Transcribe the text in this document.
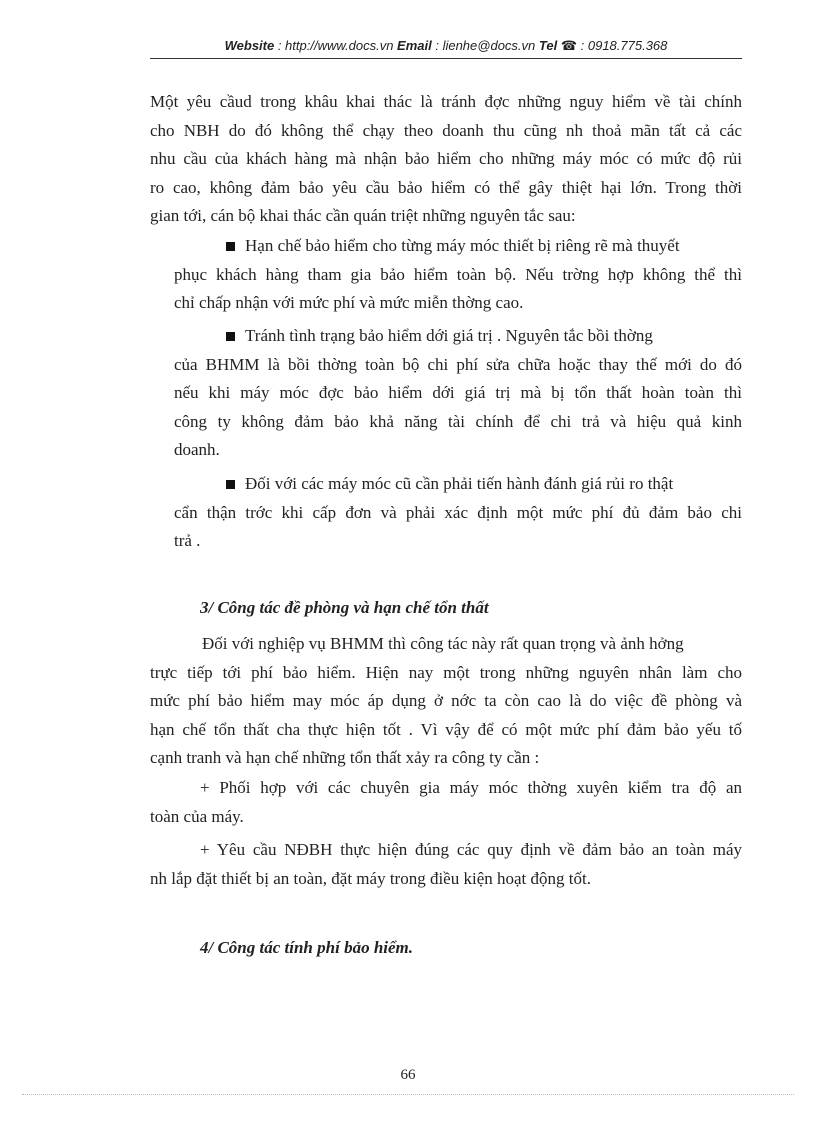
Website : http://www.docs.vn Email : lienhe@docs.vn Tel ☎ : 0918.775.368
Một yêu cầud trong khâu khai thác là tránh đợc những nguy hiểm về tài chính
cho NBH do đó không thể chạy theo doanh thu cũng nh thoả mãn tất cả các
nhu cầu của khách hàng mà nhận bảo hiểm cho những máy móc có mức độ rủi
ro cao, không đảm bảo yêu cầu bảo hiểm có thể gây thiệt hại lớn. Trong thời
gian tới, cán bộ khai thác cần quán triệt những nguyên tắc sau:
Hạn chế bảo hiểm cho từng máy móc thiết bị riêng rẽ mà thuyết
phục khách hàng tham gia bảo hiểm toàn bộ. Nếu trờng hợp không thể thì
chỉ chấp nhận với mức phí và mức miễn thờng cao.
Tránh tình trạng bảo hiểm dới giá trị . Nguyên tắc bồi thờng
của BHMM là bồi thờng toàn bộ chi phí sửa chữa hoặc thay thế mới do đó
nếu khi máy móc đợc bảo hiểm dới giá trị mà bị tổn thất hoàn toàn thì
công ty không đảm bảo khả năng tài chính để chi trả và hiệu quả kinh
doanh.
Đối với các máy móc cũ cần phải tiến hành đánh giá rủi ro thật
cẩn thận trớc khi cấp đơn và phải xác định một mức phí đủ đảm bảo chi
trả .
3/ Công tác đề phòng và hạn chế tổn thất
Đối với nghiệp vụ BHMM thì công tác này rất quan trọng và ảnh hởng
trực tiếp tới phí bảo hiểm. Hiện nay một trong những nguyên nhân làm cho
mức phí bảo hiểm may móc áp dụng ở nớc ta còn cao là do việc đề phòng và
hạn chế tổn thất cha thực hiện tốt . Vì vậy để có một mức phí đảm bảo yếu tố
cạnh tranh và hạn chế những tổn thất xảy ra công ty cần :
+ Phối hợp với các chuyên gia máy móc thờng xuyên kiểm tra độ an
toàn của máy.
+ Yêu cầu NĐBH thực hiện đúng các quy định về đảm bảo an toàn máy
nh lắp đặt thiết bị an toàn, đặt máy trong điều kiện hoạt động tốt.
4/ Công tác tính phí bảo hiểm.
66
